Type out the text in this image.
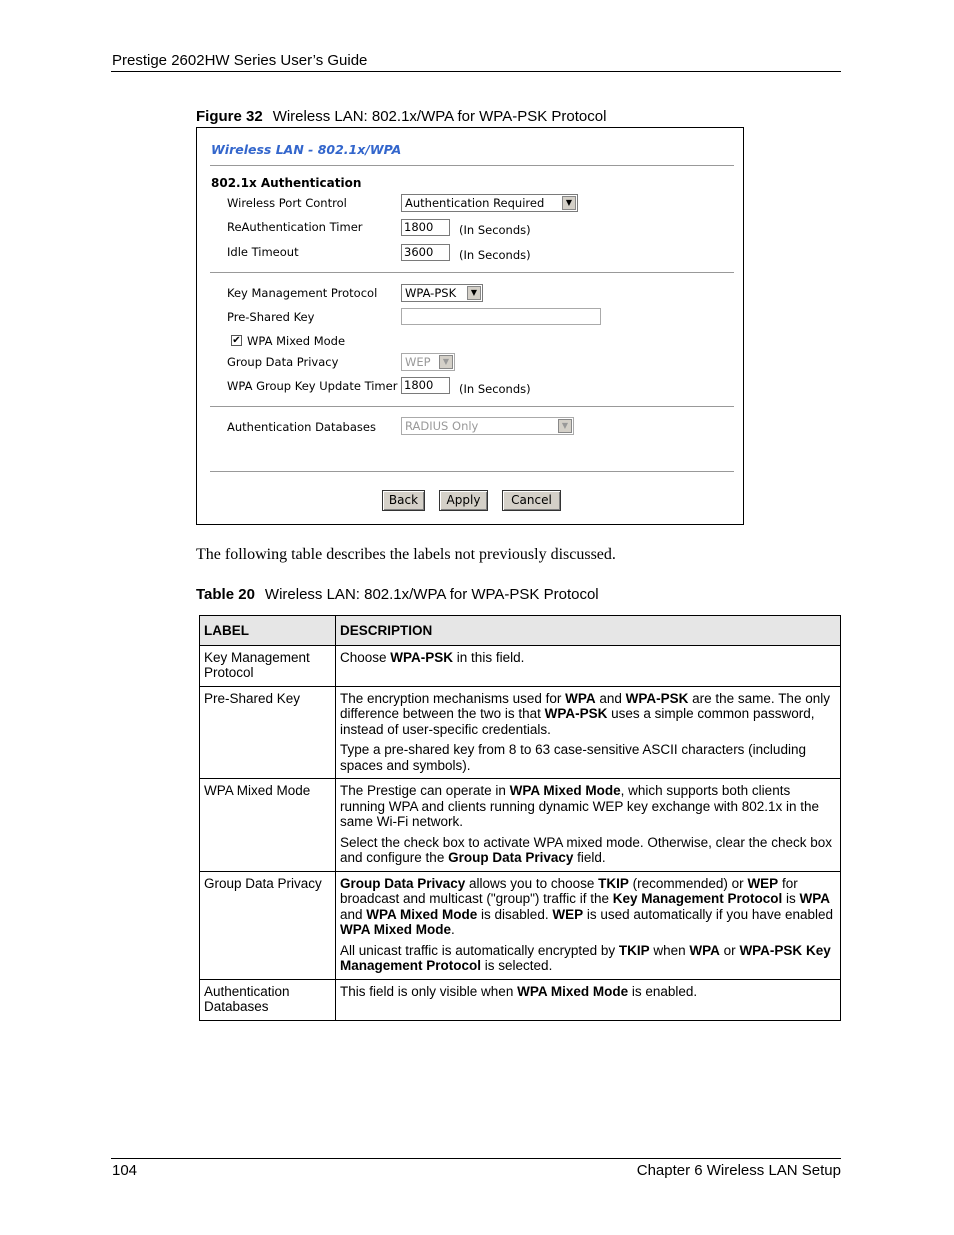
Prestige 2602HW Series User’s Guide
Figure 32 Wireless LAN: 802.1x/WPA for WPA-PSK Protocol
Wireless LAN - 802.1x/WPA
802.1x Authentication
Wireless Port Control	Authentication Required	▼
ReAuthentication Timer	1800	(In Seconds)
Idle Timeout	3600	(In Seconds)
Key Management Protocol	WPA-PSK	▼
Pre-Shared Key
✔ WPA Mixed Mode
Group Data Privacy	WEP	▼
WPA Group Key Update Timer 1800	(In Seconds)
Authentication Databases	RADIUS Only	▼
Back	Apply	Cancel
The following table describes the labels not previously discussed.
Table 20 Wireless LAN: 802.1x/WPA for WPA-PSK Protocol
LABEL	DESCRIPTION
Key Management Protocol	Choose WPA-PSK in this field.

Pre-Shared Key	The encryption mechanisms used for WPA and WPA-PSK are the same. The only difference between the two is that WPA-PSK uses a simple common password, instead of user-specific credentials.

Type a pre-shared key from 8 to 63 case-sensitive ASCII characters (including spaces and symbols).

WPA Mixed Mode	The Prestige can operate in WPA Mixed Mode, which supports both clients running WPA and clients running dynamic WEP key exchange with 802.1x in the same Wi-Fi network.

Select the check box to activate WPA mixed mode. Otherwise, clear the check box and configure the Group Data Privacy field.

Group Data Privacy	Group Data Privacy allows you to choose TKIP (recommended) or WEP for broadcast and multicast ("group") traffic if the Key Management Protocol is WPA and WPA Mixed Mode is disabled. WEP is used automatically if you have enabled WPA Mixed Mode.

All unicast traffic is automatically encrypted by TKIP when WPA or WPA-PSK Key Management Protocol is selected.

Authentication Databases	This field is only visible when WPA Mixed Mode is enabled.

104	Chapter 6 Wireless LAN Setup
